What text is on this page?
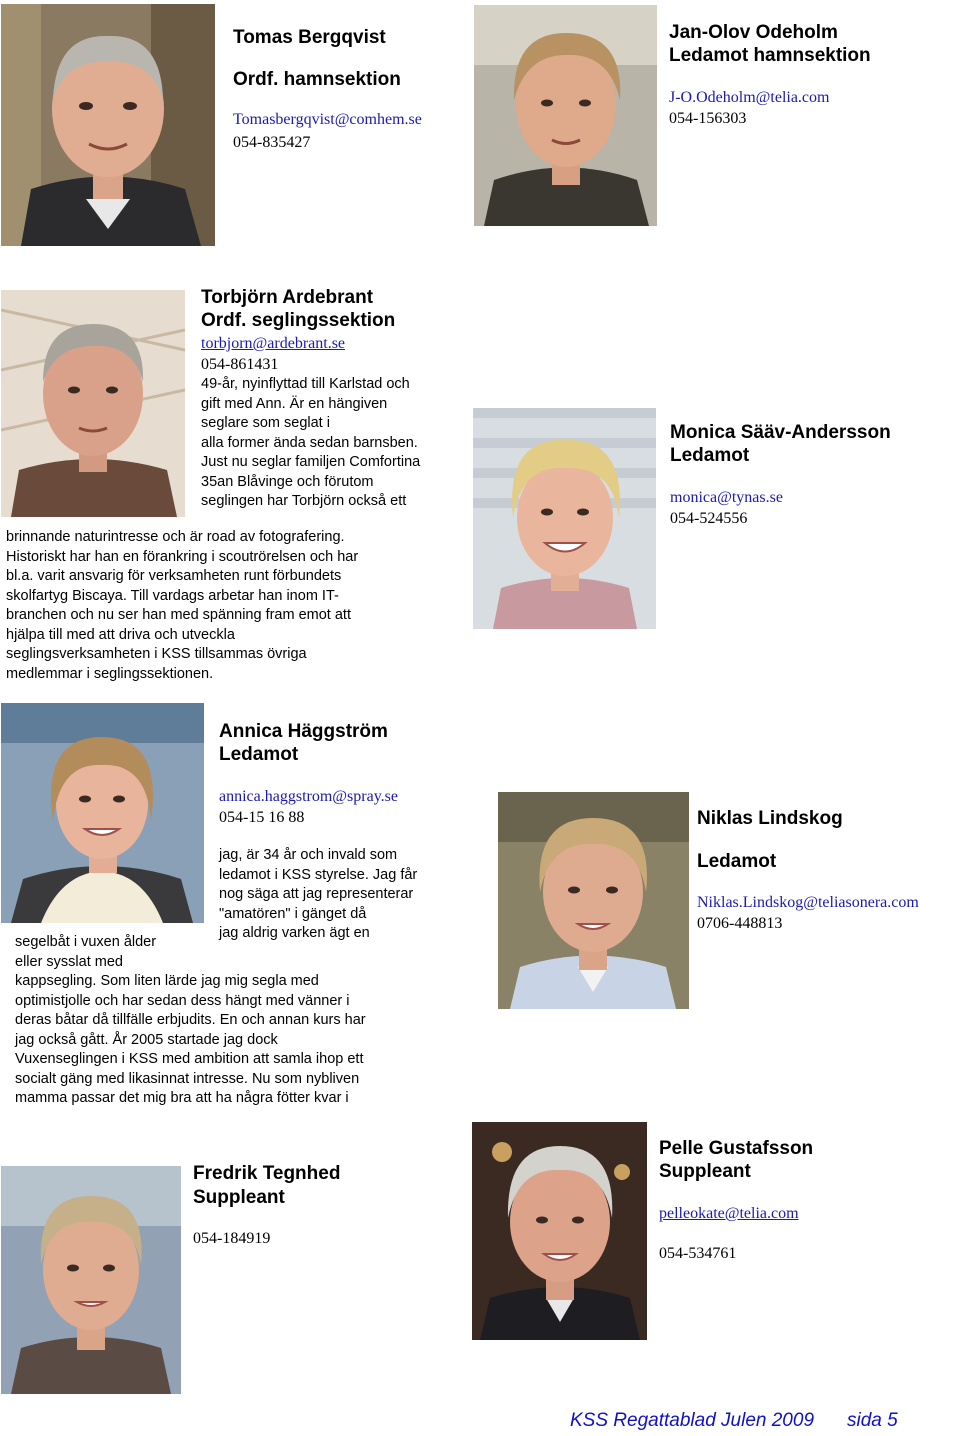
Tomas Bergqvist
Ordf. hamnsektion
Tomasbergqvist@comhem.se
054-835427
Jan-Olov Odeholm
Ledamot hamnsektion
J-O.Odeholm@telia.com
054-156303
Torbjörn Ardebrant
Ordf. seglingssektion
torbjorn@ardebrant.se
054-861431
49-år, nyinflyttad till Karlstad och
gift med Ann. Är en hängiven
seglare som seglat i
alla former ända sedan barnsben.
Just nu seglar familjen Comfortina
35an Blåvinge och förutom
seglingen har Torbjörn också ett
brinnande naturintresse och är road av fotografering.
Historiskt har han en förankring i scoutrörelsen och har
bl.a. varit ansvarig för verksamheten runt förbundets
skolfartyg Biscaya. Till vardags arbetar han inom IT-
branchen och nu ser han med spänning fram emot att
hjälpa till med att driva och utveckla
seglingsverksamheten i KSS tillsammas övriga
medlemmar i seglingssektionen.
Monica Sääv-Andersson
Ledamot
monica@tynas.se
054-524556
Annica Häggström
Ledamot
annica.haggstrom@spray.se
054-15 16 88
jag, är 34 år och invald som
ledamot i KSS styrelse. Jag får
nog säga att jag representerar
"amatören" i gänget då
jag aldrig varken ägt en
segelbåt i vuxen ålder
eller sysslat med
kappsegling. Som liten lärde jag mig segla med
optimistjolle och har sedan dess hängt med vänner i
deras båtar då tillfälle erbjudits. En och annan kurs har
jag också gått. År 2005 startade jag dock
Vuxenseglingen i KSS med ambition att samla ihop ett
socialt gäng med likasinnat intresse. Nu som nybliven
mamma passar det mig bra att ha några fötter kvar i
Niklas Lindskog
Ledamot
Niklas.Lindskog@teliasonera.com
0706-448813
Fredrik Tegnhed
Suppleant
054-184919
Pelle Gustafsson
Suppleant
pelleokate@telia.com
054-534761
KSS Regattablad Julen 2009 sida 5
